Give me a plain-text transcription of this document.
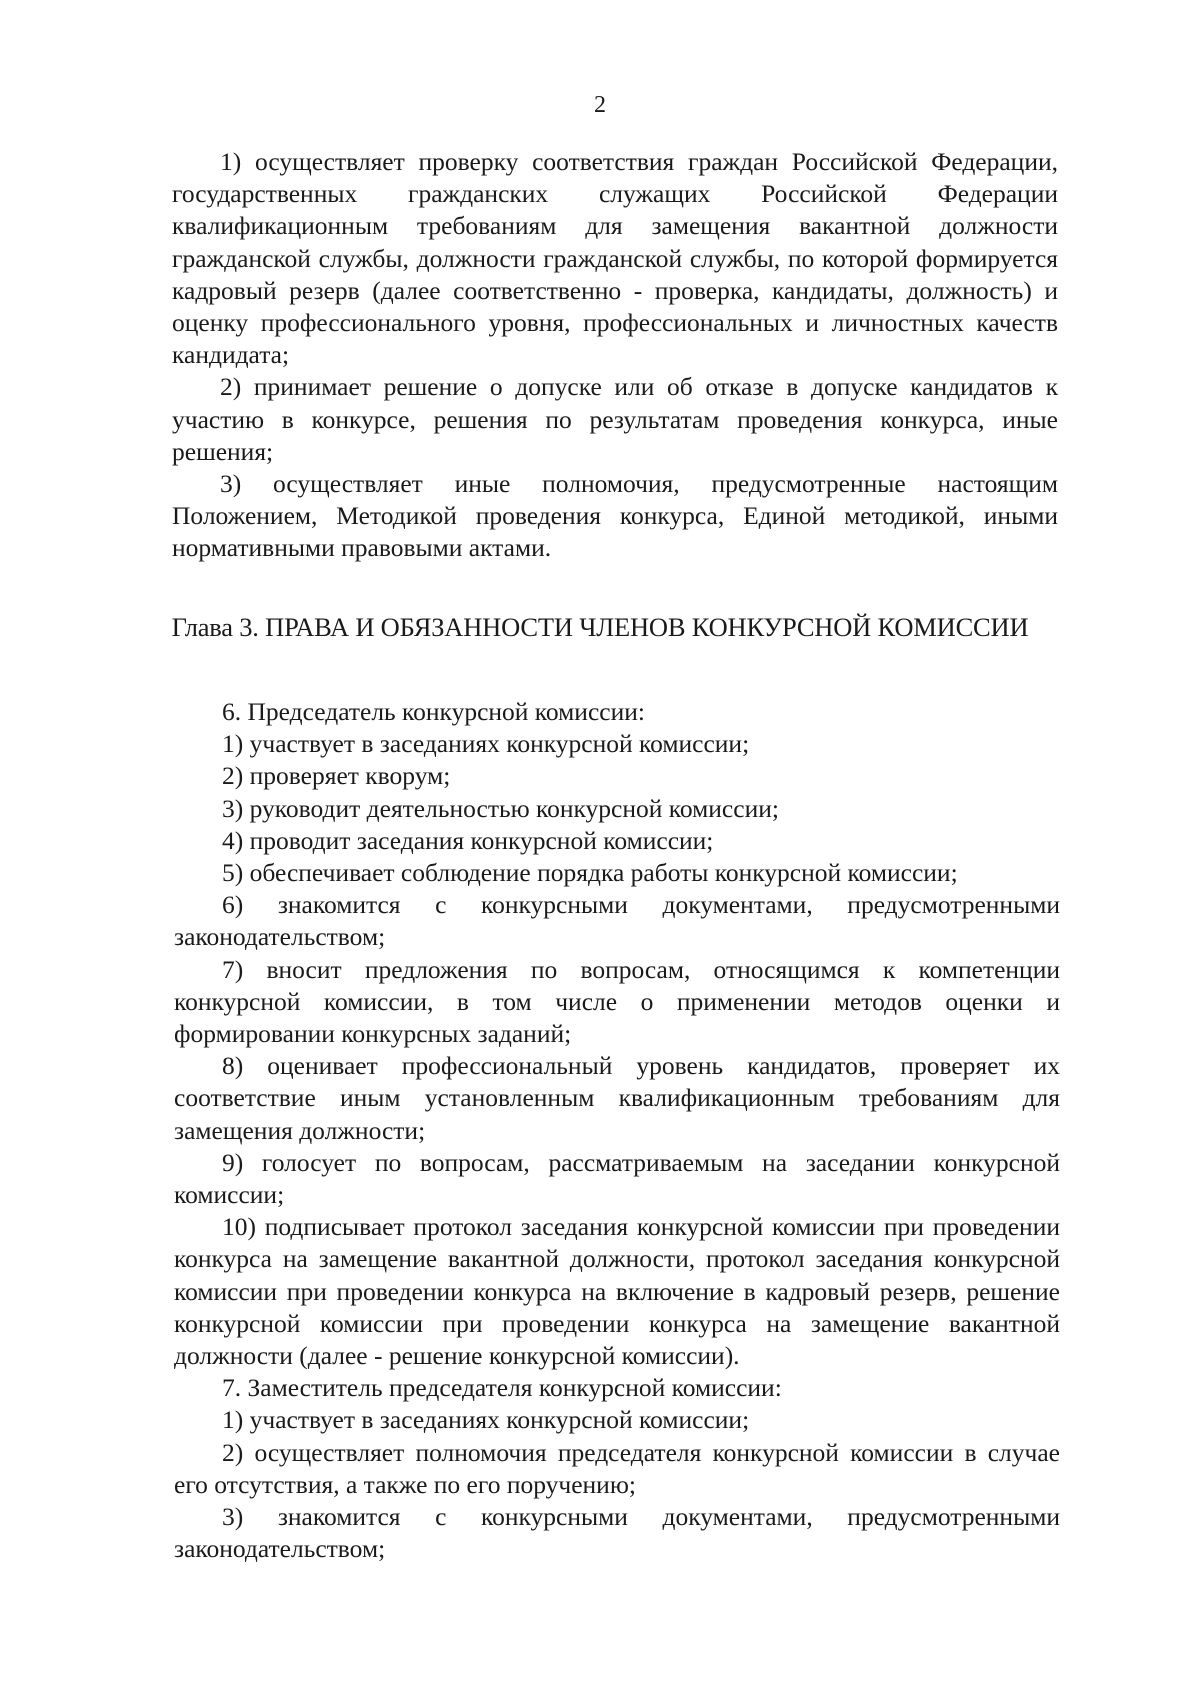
2

1) осуществляет проверку соответствия граждан Российской Федерации, государственных гражданских служащих Российской Федерации квалификационным требованиям для замещения вакантной должности гражданской службы, должности гражданской службы, по которой формируется кадровый резерв (далее соответственно - проверка, кандидаты, должность) и оценку профессионального уровня, профессиональных и личностных качеств кандидата;

2) принимает решение о допуске или об отказе в допуске кандидатов к участию в конкурсе, решения по результатам проведения конкурса, иные решения;

3) осуществляет иные полномочия, предусмотренные настоящим Положением, Методикой проведения конкурса, Единой методикой, иными нормативными правовыми актами.

Глава 3. ПРАВА И ОБЯЗАННОСТИ ЧЛЕНОВ КОНКУРСНОЙ КОМИССИИ

6. Председатель конкурсной комиссии:

1) участвует в заседаниях конкурсной комиссии;

2) проверяет кворум;

3) руководит деятельностью конкурсной комиссии;

4) проводит заседания конкурсной комиссии;

5) обеспечивает соблюдение порядка работы конкурсной комиссии;

6) знакомится с конкурсными документами, предусмотренными законодательством;

7) вносит предложения по вопросам, относящимся к компетенции конкурсной комиссии, в том числе о применении методов оценки и формировании конкурсных заданий;

8) оценивает профессиональный уровень кандидатов, проверяет их соответствие иным установленным квалификационным требованиям для замещения должности;

9) голосует по вопросам, рассматриваемым на заседании конкурсной комиссии;

10) подписывает протокол заседания конкурсной комиссии при проведении конкурса на замещение вакантной должности, протокол заседания конкурсной комиссии при проведении конкурса на включение в кадровый резерв, решение конкурсной комиссии при проведении конкурса на замещение вакантной должности (далее - решение конкурсной комиссии).

7. Заместитель председателя конкурсной комиссии:

1) участвует в заседаниях конкурсной комиссии;

2) осуществляет полномочия председателя конкурсной комиссии в случае его отсутствия, а также по его поручению;

3) знакомится с конкурсными документами, предусмотренными законодательством;
